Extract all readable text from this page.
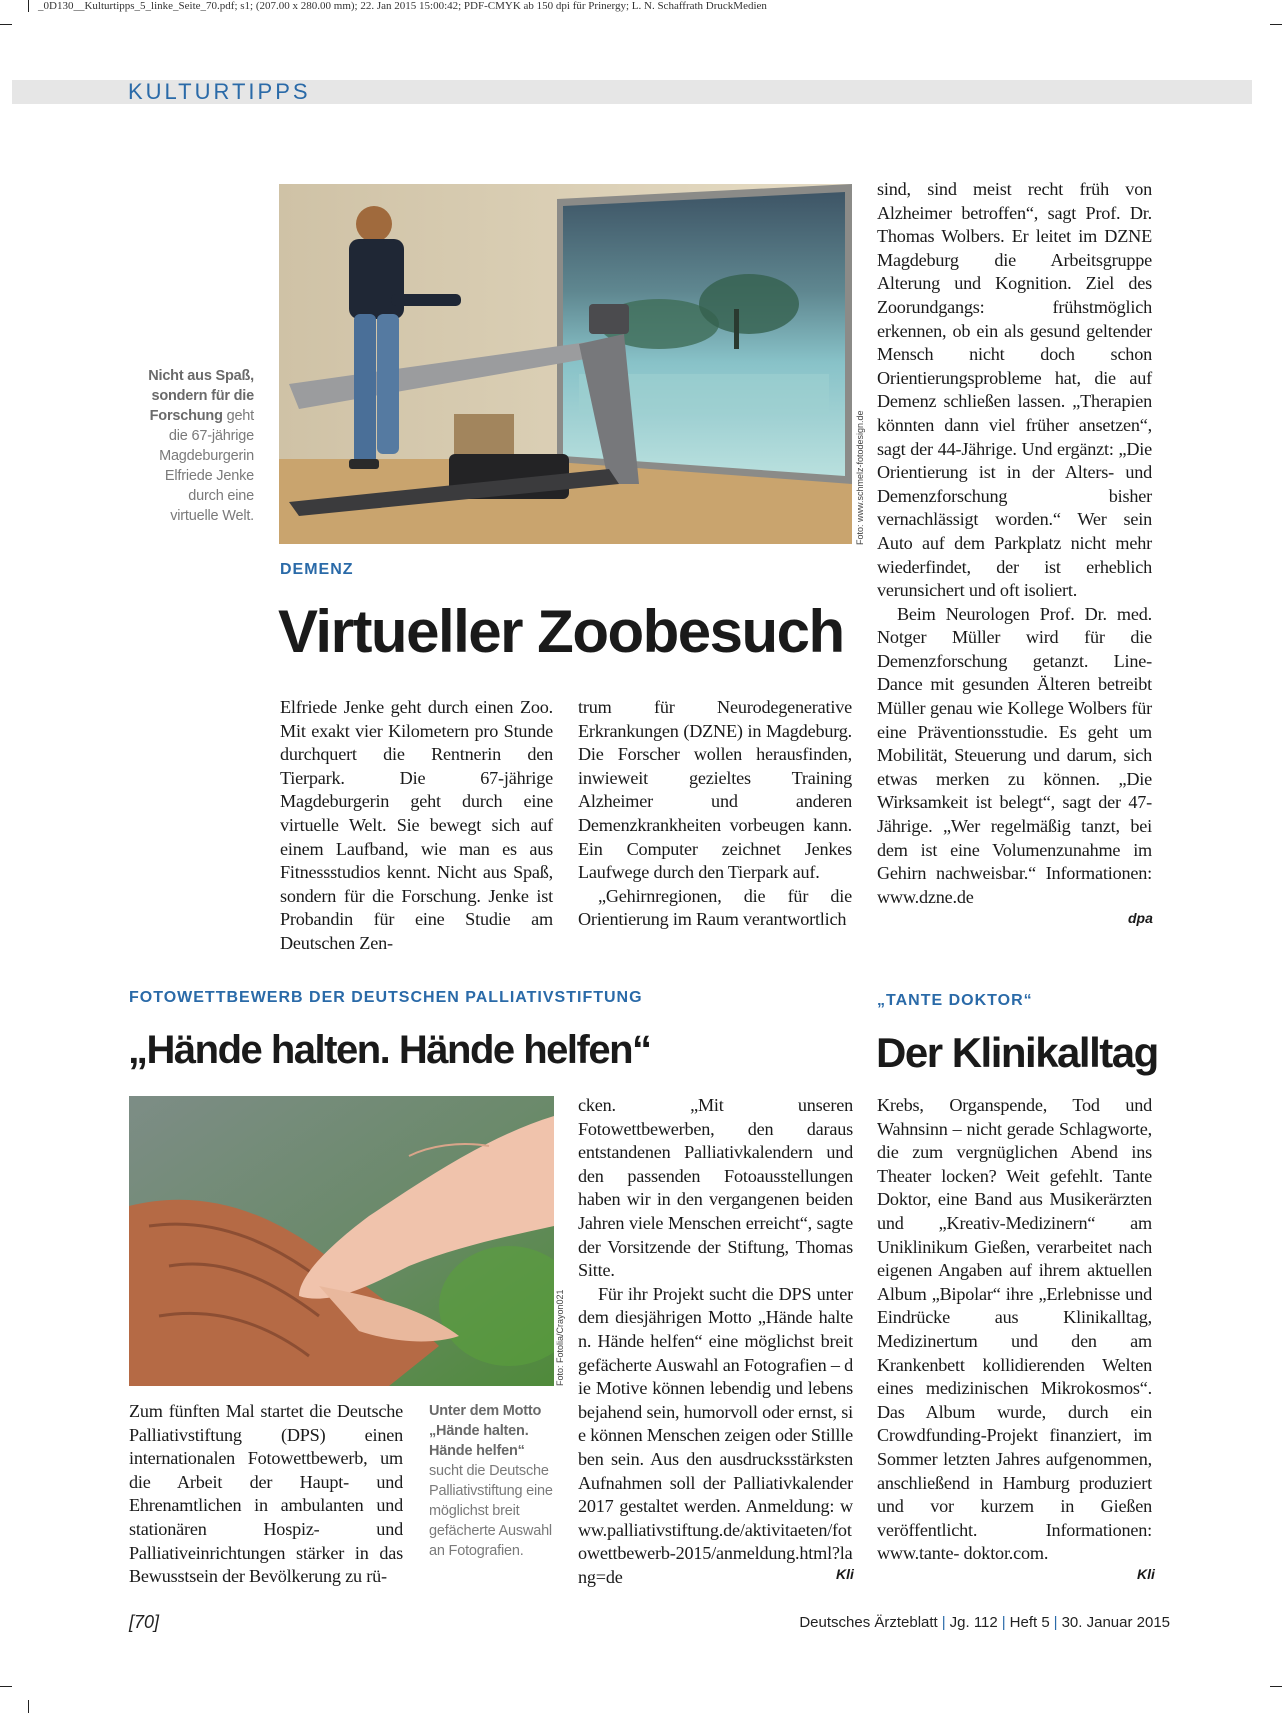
_0D130__Kulturtipps_5_linke_Seite_70.pdf; s1; (207.00 x 280.00 mm); 22. Jan 2015 15:00:42; PDF-CMYK ab 150 dpi für Prinergy; L. N. Schaffrath DruckMedien
KULTURTIPPS
Foto: www.schmelz-fotodesign.de
Nicht aus Spaß, sondern für die Forschung geht die 67-jährige Magdeburgerin Elfriede Jenke durch eine virtuelle Welt.
DEMENZ
Virtueller Zoobesuch

Elfriede Jenke geht durch einen Zoo. Mit exakt vier Kilometern pro Stunde durchquert die Rentnerin den Tierpark. Die 67-jährige Magdeburgerin geht durch eine virtuelle Welt. Sie bewegt sich auf einem Laufband, wie man es aus Fitnessstudios kennt. Nicht aus Spaß, sondern für die Forschung. Jenke ist Probandin für eine Studie am Deutschen Zen-

trum für Neurodegenerative Erkrankungen (DZNE) in Magdeburg. Die Forscher wollen herausfinden, inwieweit gezieltes Training Alzheimer und anderen Demenzkrankheiten vorbeugen kann. Ein Computer zeichnet Jenkes Laufwege durch den Tierpark auf.

„Gehirnregionen, die für die Orientierung im Raum verantwortlich

sind, sind meist recht früh von Alzheimer betroffen“, sagt Prof. Dr. Thomas Wolbers. Er leitet im DZNE Magdeburg die Arbeitsgruppe Alterung und Kognition. Ziel des Zoorundgangs: frühstmöglich erkennen, ob ein als gesund geltender Mensch nicht doch schon Orientierungsprobleme hat, die auf Demenz schließen lassen. „Therapien könnten dann viel früher ansetzen“, sagt der 44-Jährige. Und ergänzt: „Die Orientierung ist in der Alters- und Demenzforschung bisher vernachlässigt worden.“ Wer sein Auto auf dem Parkplatz nicht mehr wiederfindet, der ist erheblich verunsichert und oft isoliert.

Beim Neurologen Prof. Dr. med. Notger Müller wird für die Demenzforschung getanzt. Line-Dance mit gesunden Älteren betreibt Müller genau wie Kollege Wolbers für eine Präventionsstudie. Es geht um Mobilität, Steuerung und darum, sich etwas merken zu können. „Die Wirksamkeit ist belegt“, sagt der 47-Jährige. „Wer regelmäßig tanzt, bei dem ist eine Volumenzunahme im Gehirn nachweisbar.“ Informationen: www.dzne.de

dpa
FOTOWETTBEWERB DER DEUTSCHEN PALLIATIVSTIFTUNG
„Hände halten. Hände helfen“
Foto: Fotolia/Crayon021

Zum fünften Mal startet die Deutsche Palliativstiftung (DPS) einen internationalen Fotowettbewerb, um die Arbeit der Haupt- und Ehrenamtlichen in ambulanten und stationären Hospiz- und Palliativeinrichtungen stärker in das Bewusstsein der Bevölkerung zu rü-

Unter dem Motto „Hände halten. Hände helfen“ sucht die Deutsche Palliativstiftung eine möglichst breit gefächerte Auswahl an Fotografien.

cken. „Mit unseren Fotowettbewerben, den daraus entstandenen Palliativkalendern und den passenden Fotoausstellungen haben wir in den vergangenen beiden Jahren viele Menschen erreicht“, sagte der Vorsitzende der Stiftung, Thomas Sitte.

Für ihr Projekt sucht die DPS unter dem diesjährigen Motto „Hände halten. Hände helfen“ eine möglichst breit gefächerte Auswahl an Fotografien – die Motive können lebendig und lebensbejahend sein, humorvoll oder ernst, sie können Menschen zeigen oder Stillleben sein. Aus den ausdrucksstärksten Aufnahmen soll der Palliativkalender 2017 gestaltet werden. Anmeldung: www.palliativstiftung.de/aktivitaeten/fotowettbewerb-2015/anmeldung.html?lang=de	Kli
„TANTE DOKTOR“
Der Klinikalltag

Krebs, Organspende, Tod und Wahnsinn – nicht gerade Schlagworte, die zum vergnüglichen Abend ins Theater locken? Weit gefehlt. Tante Doktor, eine Band aus Musikerärzten und „Kreativ-Medizinern“ am Uniklinikum Gießen, verarbeitet nach eigenen Angaben auf ihrem aktuellen Album „Bipolar“ ihre „Erlebnisse und Eindrücke aus Klinikalltag, Medizinertum und den am Krankenbett kollidierenden Welten eines medizinischen Mikrokosmos“. Das Album wurde, durch ein Crowdfunding-Projekt finanziert, im Sommer letzten Jahres aufgenommen, anschließend in Hamburg produziert und vor kurzem in Gießen veröffentlicht. Informationen: www.tante- doktor.com.

Kli
[70]	Deutsches Ärzteblatt | Jg. 112 | Heft 5 | 30. Januar 2015
